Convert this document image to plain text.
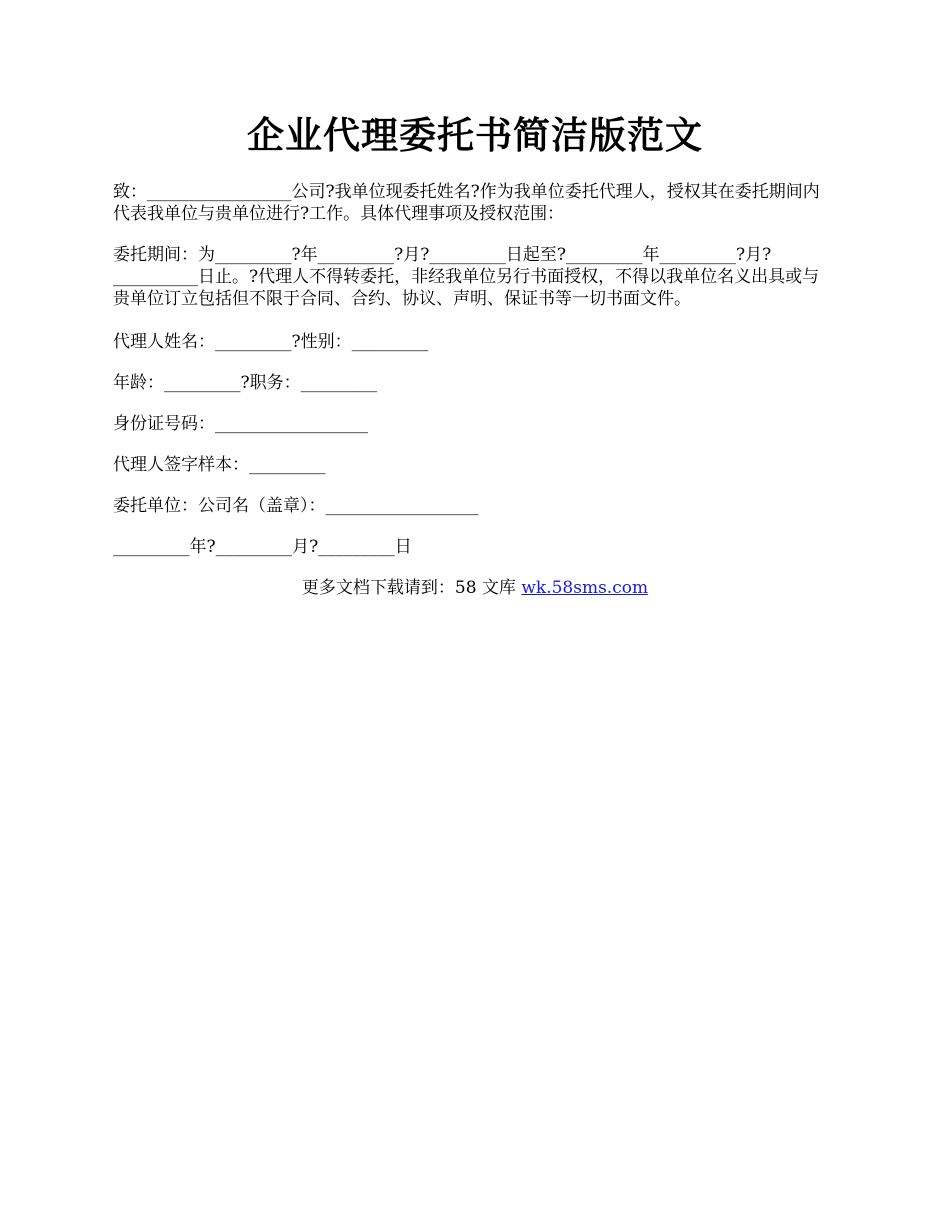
企业代理委托书简洁版范文

致：_________________公司?我单位现委托姓名?作为我单位委托代理人，授权其在委托期间内代表我单位与贵单位进行?工作。具体代理事项及授权范围：

委托期间：为_________?年_________?月?_________日起至?_________年_________?月?__________日止。?代理人不得转委托，非经我单位另行书面授权，不得以我单位名义出具或与贵单位订立包括但不限于合同、合约、协议、声明、保证书等一切书面文件。

代理人姓名：_________?性别：_________

年龄：_________?职务：_________

身份证号码：__________________

代理人签字样本：_________

委托单位：公司名（盖章）：__________________

_________年?_________月?_________日

更多文档下载请到：58 文库 wk.58sms.com
